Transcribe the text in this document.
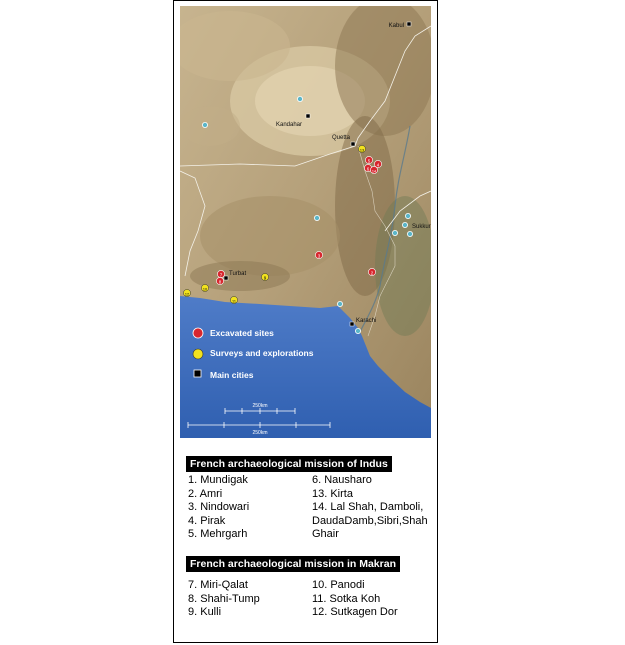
5
4
6 14
3
2
7
8
13
9
10
11
12
Kabul
Kandahar
Quetta
Sukkur
Turbat
Karachi
Excavated sites
Surveys and explorations
Main cities
250km
250km
French archaeological mission of Indus
1. Mundigak
2. Amri
3. Nindowari
4. Pirak
5. Mehrgarh
6. Nausharo
13. Kirta
14. Lal Shah, Damboli,
DaudaDamb,Sibri,Shah
Ghair
French archaeological mission in Makran
7. Miri-Qalat
8. Shahi-Tump
9. Kulli
10. Panodi
11. Sotka Koh
12. Sutkagen Dor
